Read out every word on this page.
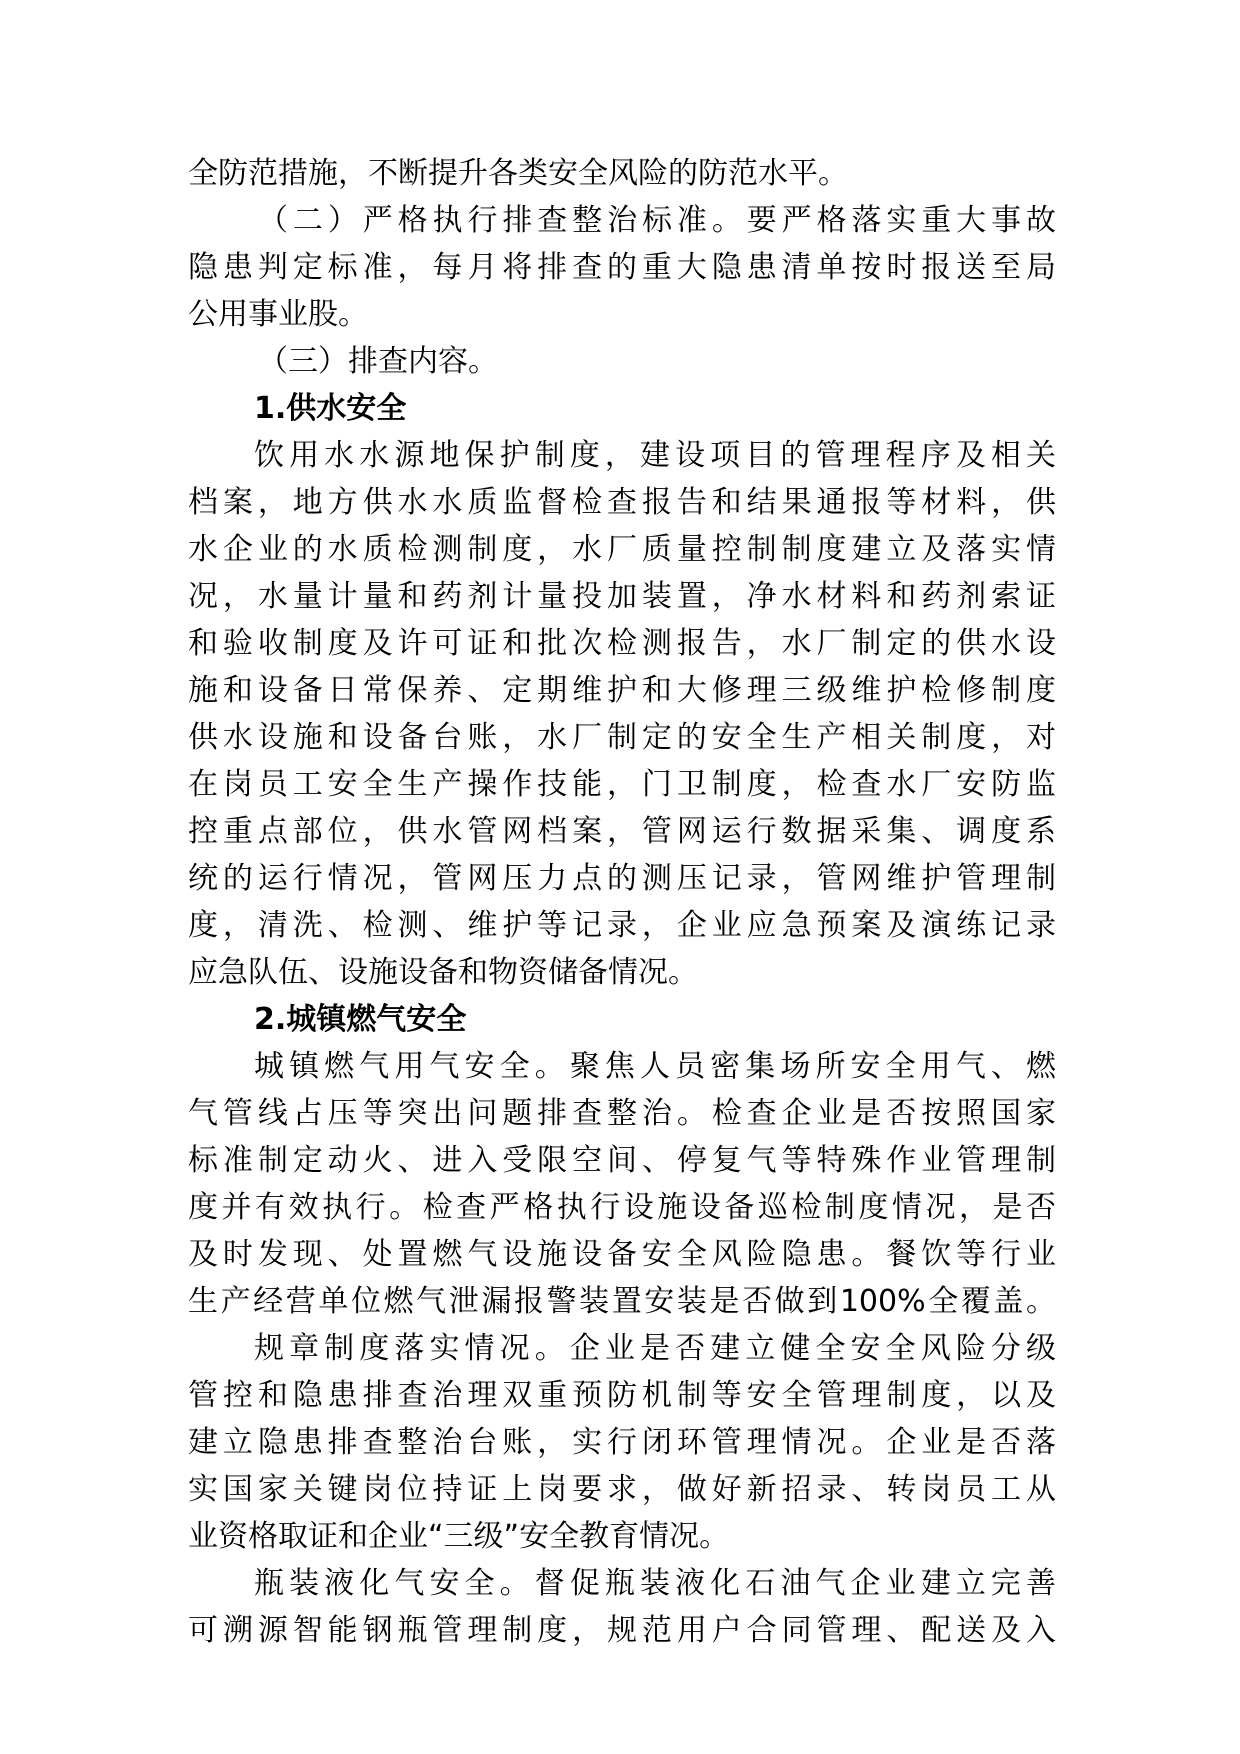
全防范措施，不断提升各类安全风险的防范水平。
（二）严格执行排查整治标准。要严格落实重大事故
隐患判定标准，每月将排查的重大隐患清单按时报送至局
公用事业股。
（三）排查内容。
1.供水安全
饮用水水源地保护制度，建设项目的管理程序及相关
档案，地方供水水质监督检查报告和结果通报等材料，供
水企业的水质检测制度，水厂质量控制制度建立及落实情
况，水量计量和药剂计量投加装置，净水材料和药剂索证
和验收制度及许可证和批次检测报告，水厂制定的供水设
施和设备日常保养、定期维护和大修理三级维护检修制度
供水设施和设备台账，水厂制定的安全生产相关制度，对
在岗员工安全生产操作技能，门卫制度，检查水厂安防监
控重点部位，供水管网档案，管网运行数据采集、调度系
统的运行情况，管网压力点的测压记录，管网维护管理制
度，清洗、检测、维护等记录，企业应急预案及演练记录
应急队伍、设施设备和物资储备情况。
2.城镇燃气安全
城镇燃气用气安全。聚焦人员密集场所安全用气、燃
气管线占压等突出问题排查整治。检查企业是否按照国家
标准制定动火、进入受限空间、停复气等特殊作业管理制
度并有效执行。检查严格执行设施设备巡检制度情况，是否
及时发现、处置燃气设施设备安全风险隐患。餐饮等行业
生产经营单位燃气泄漏报警装置安装是否做到100%全覆盖。
规章制度落实情况。企业是否建立健全安全风险分级
管控和隐患排查治理双重预防机制等安全管理制度，以及
建立隐患排查整治台账，实行闭环管理情况。企业是否落
实国家关键岗位持证上岗要求，做好新招录、转岗员工从
业资格取证和企业“三级”安全教育情况。
瓶装液化气安全。督促瓶装液化石油气企业建立完善
可溯源智能钢瓶管理制度，规范用户合同管理、配送及入
